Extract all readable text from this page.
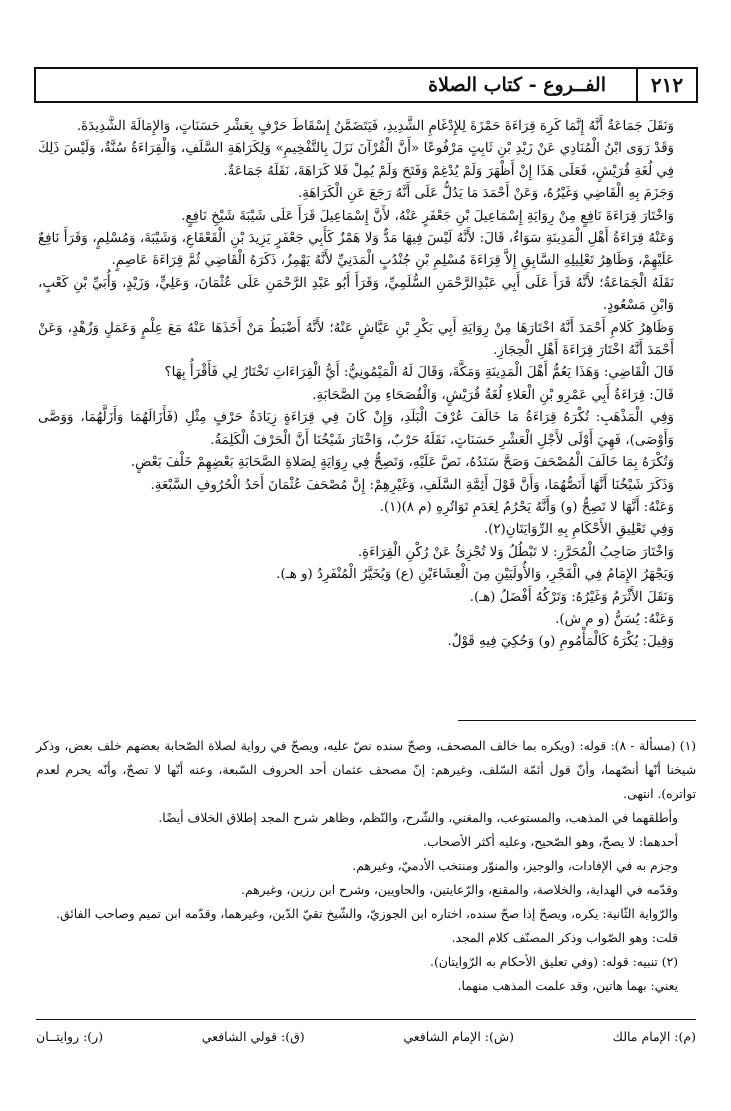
٢١٢
الفــروع - كتاب الصلاة

وَنَقَلَ جَمَاعَةٌ أَنَّهُ إِنَّمَا كَرِهَ قِرَاءَةَ حَمْزَةَ لِلإِدْغَامِ الشَّدِيدِ، فَيَتَضَمَّنُ إِسْقَاطَ حَرْفٍ بِعَشْرِ حَسَنَاتٍ، وَالإِمَالَةَ الشَّدِيدَةَ.

وَقَدْ رَوَى ابْنُ الْمُنَادِي عَنْ زَيْدِ بْنِ ثَابِتٍ مَرْفُوعًا «أَنَّ الْقُرْآنَ نَزَلَ بِالتَّفْخِيمِ» وَلِكَرَاهَةِ السَّلَفِ، وَالْقِرَاءَةُ سُنَّةٌ، وَلَيْسَ ذَلِكَ فِي لُغَةِ قُرَيْشٍ، فَعَلَى هَذَا إِنْ أَظْهَرَ وَلَمْ يُدْغِمْ وَفَتَحَ وَلَمْ يُمِلْ فَلا كَرَاهَةَ، نَقَلَهُ جَمَاعَةٌ.

وَجَزَمَ بِهِ الْقَاضِي وَغَيْرُهُ، وَعَنْ أَحْمَدَ مَا يَدُلُّ عَلَى أَنَّهُ رَجَعَ عَنِ الْكَرَاهَةِ.

وَاخْتَارَ قِرَاءَةَ نَافِعٍ مِنْ رِوَايَةِ إِسْمَاعِيلَ بْنِ جَعْفَرٍ عَنْهُ، لأَنَّ إِسْمَاعِيلَ قَرَأَ عَلَى شَيْبَةَ شَيْخِ نَافِعٍ.

وَعَنْهُ قِرَاءَةُ أَهْلِ الْمَدِينَةِ سَوَاءٌ، قَالَ: لأَنَّهُ لَيْسَ فِيهَا مَدٌّ وَلا هَمْزٌ كَأَبِي جَعْفَرٍ يَزِيدَ بْنِ الْقَعْقَاعِ، وَشَيْبَةَ، وَمُسْلِمٍ، وَقَرَأَ نَافِعٌ عَلَيْهِمْ، وَظَاهِرُ تَعْلِيلِهِ السَّابِقِ إِلاَّ قِرَاءَةَ مُسْلِمِ بْنِ جُنْدُبٍ الْمَدَنِيِّ لأَنَّهُ يَهْمِزُ، ذَكَرَهُ الْقَاضِي ثُمَّ قِرَاءَةَ عَاصِمٍ.

نَقَلَهُ الْجَمَاعَةُ؛ لأَنَّهُ قَرَأَ عَلَى أَبِي عَبْدِالرَّحْمَنِ السُّلَمِيِّ، وَقَرَأَ أَبُو عَبْدِ الرَّحْمَنِ عَلَى عُثْمَانَ، وَعَلِيٍّ، وَزَيْدٍ، وَأُبَيِّ بْنِ كَعْبٍ، وَابْنِ مَسْعُودٍ.

وَظَاهِرُ كَلامِ أَحْمَدَ أَنَّهُ اخْتَارَهَا مِنْ رِوَايَةِ أَبِي بَكْرِ بْنِ عَيَّاشٍ عَنْهُ؛ لأَنَّهُ أَضْبَطُ مَنْ أَخَذَهَا عَنْهُ مَعَ عِلْمٍ وَعَمَلٍ وَزُهْدٍ، وَعَنْ أَحْمَدَ أَنَّهُ اخْتَارَ قِرَاءَةَ أَهْلِ الْحِجَازِ.

قَالَ الْقَاضِي: وَهَذَا يَعُمُّ أَهْلَ الْمَدِينَةِ وَمَكَّةَ، وَقَالَ لَهُ الْمَيْمُونِيُّ: أَيُّ الْقِرَاءَاتِ تَخْتَارُ لِي فَأَقْرَأُ بِهَا؟

قَالَ: قِرَاءَةُ أَبِي عَمْرِو بْنِ الْعَلاءِ لُغَةُ قُرَيْشٍ، وَالْفُصَحَاءِ مِنَ الصَّحَابَةِ.

وَفِي الْمَذْهَبِ: تُكْرَهُ قِرَاءَةُ مَا خَالَفَ عُرْفَ الْبَلَدِ، وَإِنْ كَانَ فِي قِرَاءَةٍ زِيَادَةُ حَرْفٍ مِثْلِ (فَأَزَالَهُمَا وَأَزَلَّهُمَا، وَوَصَّى وَأَوْصَى)، فَهِيَ أَوْلَى لأَجْلِ الْعَشْرِ حَسَنَاتٍ، نَقَلَهُ حَرْبٌ، وَاخْتَارَ شَيْخُنَا أَنَّ الْحَرْفَ الْكَلِمَةُ.

وَتُكْرَهُ بِمَا خَالَفَ الْمُصْحَفَ وَصَحَّ سَنَدُهُ، نَصَّ عَلَيْهِ، وَتَصِحُّ فِي رِوَايَةٍ لِصَلاةِ الصَّحَابَةِ بَعْضِهِمْ خَلْفَ بَعْضٍ.

وَذَكَرَ شَيْخُنَا أَنَّهَا أَنَصُّهُمَا، وَأَنَّ قَوْلَ أَئِمَّةِ السَّلَفِ، وَغَيْرِهِمْ: إِنَّ مُصْحَفَ عُثْمَانَ أَحَدُ الْحُرُوفِ السَّبْعَةِ.

وَعَنْهُ: أَنَّهَا لا تَصِحُّ (و) وَأَنَّهُ يَحْرُمُ لِعَدَمِ تَوَاتُرِهِ (م ٨)(١).

وَفِي تَعْلِيقِ الأَحْكَامِ بِهِ الرِّوَايَتَانِ(٢).

وَاخْتَارَ صَاحِبُ الْمُحَرَّرِ: لا تَبْطُلُ وَلا تُجْزِئُ عَنْ رُكْنِ الْقِرَاءَةِ.

وَيَجْهَرُ الإِمَامُ فِي الْفَجْرِ، وَالأُولَيَيْنِ مِنَ الْعِشَاءَيْنِ (ع) وَيُخَيَّرُ الْمُنْفَرِدُ (و هـ).

وَنَقَلَ الأَثْرَمُ وَغَيْرُهُ: وَتَرْكُهُ أَفْضَلُ (هـ).

وَعَنْهُ: يُسَنُّ (و م ش).

وَقِيلَ: يُكْرَهُ كَالْمَأْمُومِ (و) وَحُكِيَ فِيهِ قَوْلٌ.

(١) (مسألة - ٨): قوله: (ويكره بما خالف المصحف، وصحّ سنده نصّ عليه، ويصحّ في رواية لصلاة الصّحابة بعضهم خلف بعض، وذكر شيخنا أنّها أنصّهما، وأنّ قول أئمّة السّلف، وغيرهم: إنّ مصحف عثمان أحد الحروف السّبعة، وعنه أنّها لا تصحّ، وأنّه يحرم لعدم تواتره). انتهى.

وأطلقهما في المذهب، والمستوعب، والمغني، والشّرح، والنّظم، وظاهر شرح المجد إطلاق الخلاف أيضًا.

أحدهما: لا يصحّ، وهو الصّحيح، وعليه أكثر الأصحاب.

وجزم به في الإفادات، والوجيز، والمنوّر ومنتخب الأدميّ، وغيرهم.

وقدّمه في الهداية، والخلاصة، والمقنع، والرّعايتين، والحاويين، وشرح ابن رزين، وغيرهم.

والرّواية الثّانية: يكره، ويصحّ إذا صحّ سنده، اختاره ابن الجوزيّ، والشّيخ تقيّ الدّين، وغيرهما، وقدّمه ابن تميم وصاحب الفائق.

قلت: وهو الصّواب وذكر المصنّف كلام المجد.

(٢) تنبيه: قوله: (وفي تعليق الأحكام به الرّوايتان).

يعني: بهما هاتين، وقد علمت المذهب منهما.

(م): الإمام مالك
(ش): الإمام الشافعي
(ق): قولي الشافعي
(ر): روايتــان
